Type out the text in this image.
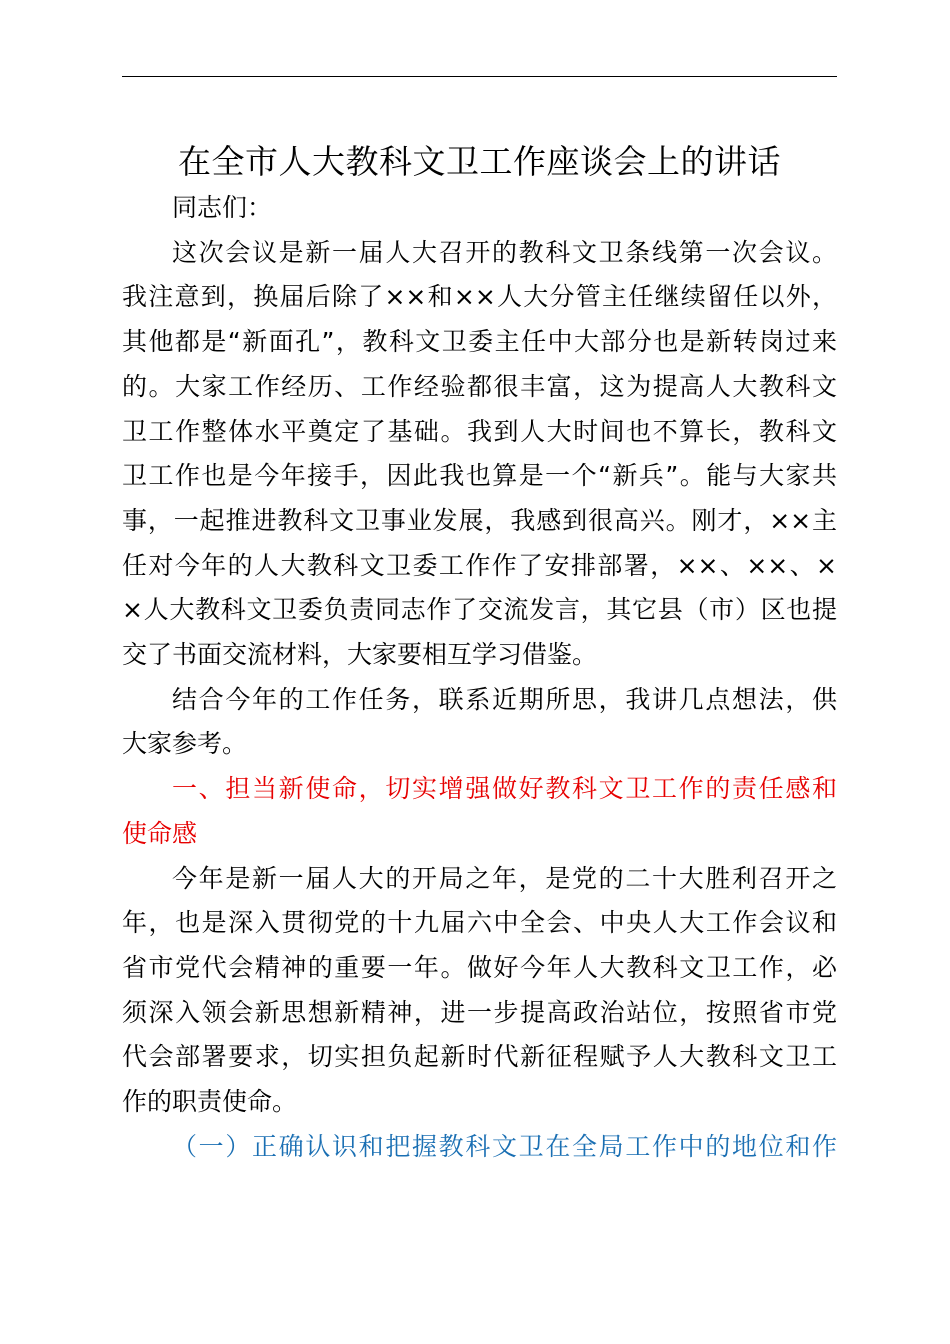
在全市人大教科文卫工作座谈会上的讲话
同志们：
这次会议是新一届人大召开的教科文卫条线第一次会议。
我注意到，换届后除了××和××人大分管主任继续留任以外，
其他都是“新面孔”，教科文卫委主任中大部分也是新转岗过来
的。大家工作经历、工作经验都很丰富，这为提高人大教科文
卫工作整体水平奠定了基础。我到人大时间也不算长，教科文
卫工作也是今年接手，因此我也算是一个“新兵”。能与大家共
事，一起推进教科文卫事业发展，我感到很高兴。刚才，××主
任对今年的人大教科文卫委工作作了安排部署，××、××、×
×人大教科文卫委负责同志作了交流发言，其它县（市）区也提
交了书面交流材料，大家要相互学习借鉴。
结合今年的工作任务，联系近期所思，我讲几点想法，供
大家参考。
一、担当新使命，切实增强做好教科文卫工作的责任感和
使命感
今年是新一届人大的开局之年，是党的二十大胜利召开之
年，也是深入贯彻党的十九届六中全会、中央人大工作会议和
省市党代会精神的重要一年。做好今年人大教科文卫工作，必
须深入领会新思想新精神，进一步提高政治站位，按照省市党
代会部署要求，切实担负起新时代新征程赋予人大教科文卫工
作的职责使命。
（一）正确认识和把握教科文卫在全局工作中的地位和作
